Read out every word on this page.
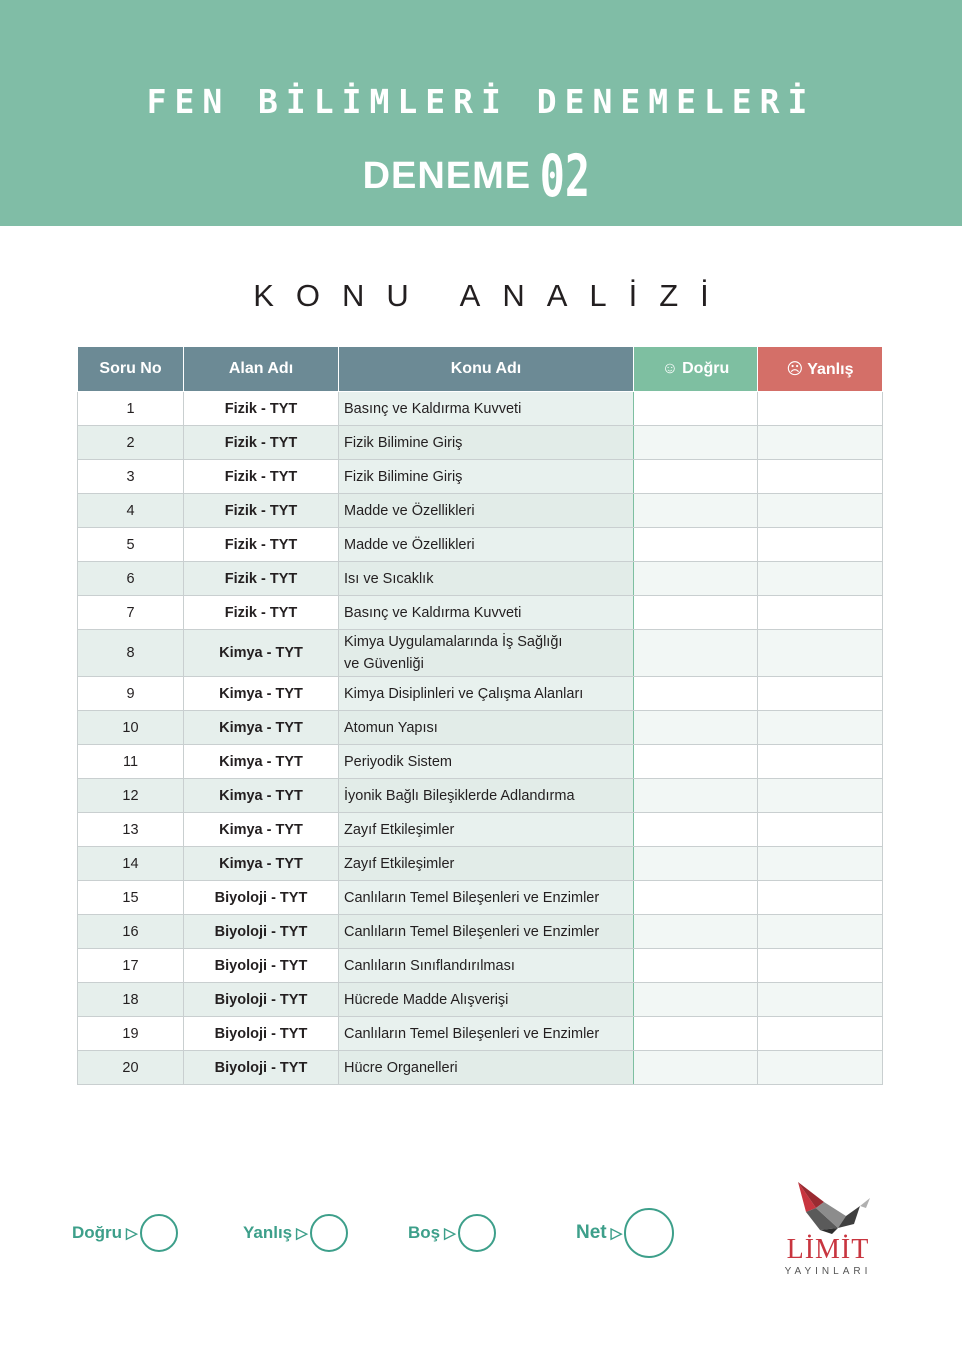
FEN BİLİMLERİ DENEMELERİ
DENEME 02
KONU ANALİZİ
Soru No	Alan Adı	Konu Adı	☺ Doğru	☹ Yanlış
1	Fizik - TYT	Basınç ve Kaldırma Kuvveti		

2	Fizik - TYT	Fizik Bilimine Giriş		

3	Fizik - TYT	Fizik Bilimine Giriş		

4	Fizik - TYT	Madde ve Özellikleri		

5	Fizik - TYT	Madde ve Özellikleri		

6	Fizik - TYT	Isı ve Sıcaklık		

7	Fizik - TYT	Basınç ve Kaldırma Kuvveti		

8	Kimya - TYT	Kimya Uygulamalarında İş Sağlığı
ve Güvenliği		

9	Kimya - TYT	Kimya Disiplinleri ve Çalışma Alanları		

10	Kimya - TYT	Atomun Yapısı		

11	Kimya - TYT	Periyodik Sistem		

12	Kimya - TYT	İyonik Bağlı Bileşiklerde Adlandırma		

13	Kimya - TYT	Zayıf Etkileşimler		

14	Kimya - TYT	Zayıf Etkileşimler		

15	Biyoloji - TYT	Canlıların Temel Bileşenleri ve Enzimler		

16	Biyoloji - TYT	Canlıların Temel Bileşenleri ve Enzimler		

17	Biyoloji - TYT	Canlıların Sınıflandırılması		

18	Biyoloji - TYT	Hücrede Madde Alışverişi		

19	Biyoloji - TYT	Canlıların Temel Bileşenleri ve Enzimler		

20	Biyoloji - TYT	Hücre Organelleri		

Doğru ▷	Yanlış ▷	Boş ▷	Net ▷
LİMİT
YAYINLARI
